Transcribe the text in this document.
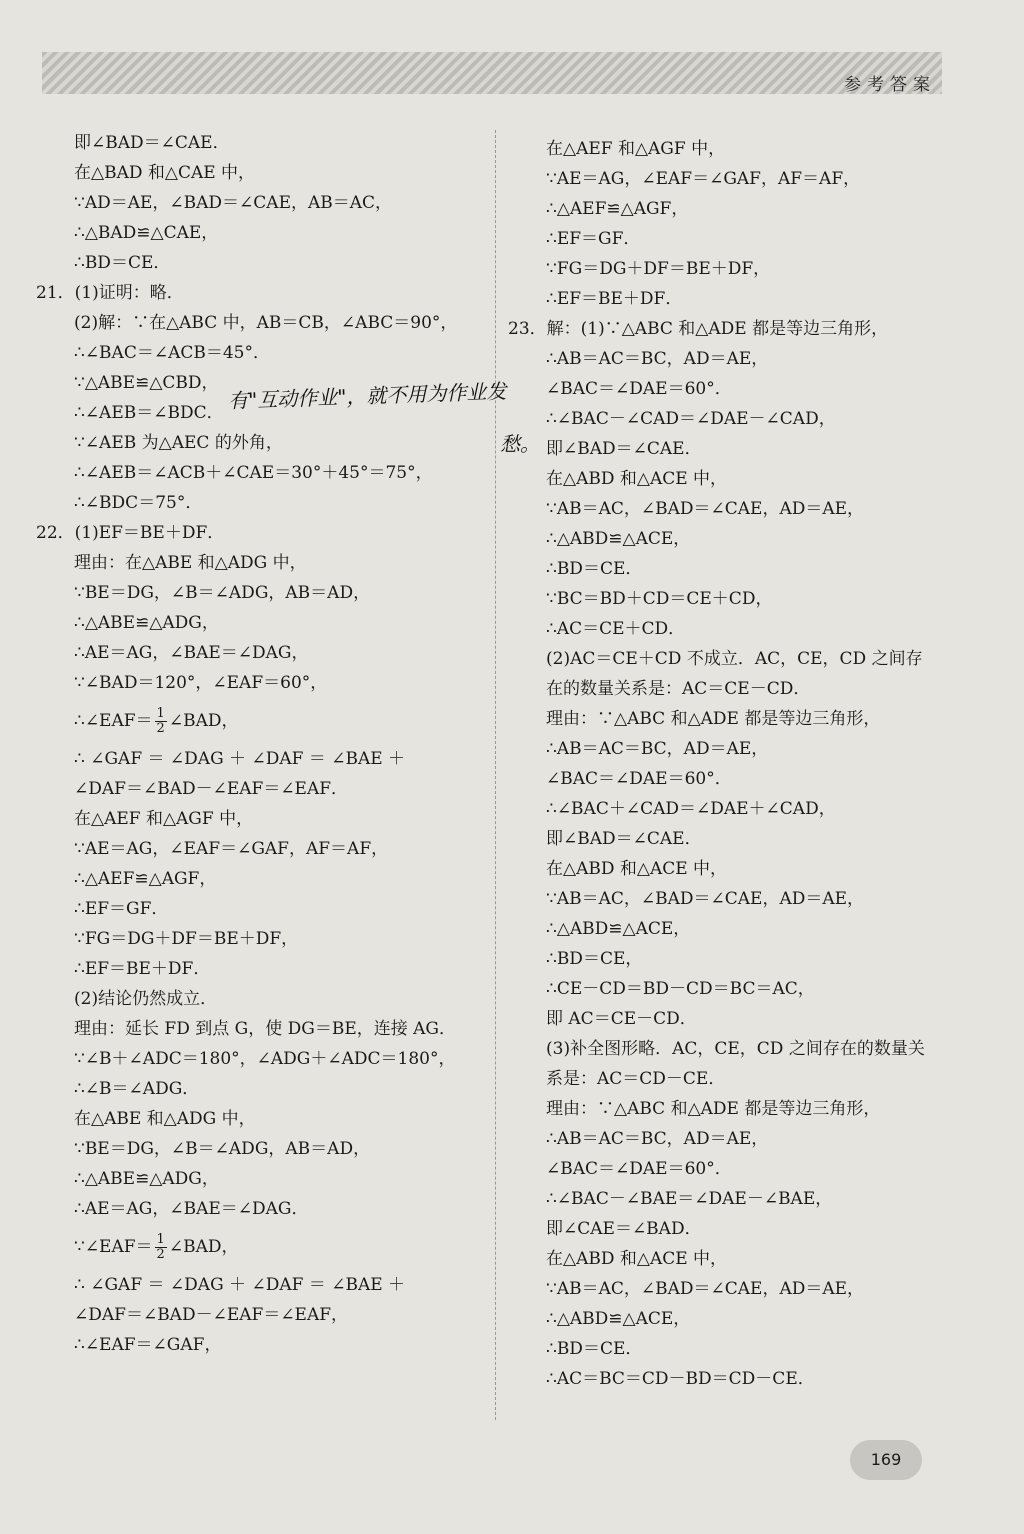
参考答案
即∠BAD＝∠CAE．
在△BAD 和△CAE 中，
∵AD＝AE，∠BAD＝∠CAE，AB＝AC，
∴△BAD≌△CAE，
∴BD＝CE．
21．(1)证明：略．
(2)解：∵在△ABC 中，AB＝CB，∠ABC＝90°，
∴∠BAC＝∠ACB＝45°．
∵△ABE≌△CBD，
∴∠AEB＝∠BDC．
∵∠AEB 为△AEC 的外角，
∴∠AEB＝∠ACB＋∠CAE＝30°＋45°＝75°，
∴∠BDC＝75°．
22．(1)EF＝BE＋DF．
理由：在△ABE 和△ADG 中，
∵BE＝DG，∠B＝∠ADG，AB＝AD，
∴△ABE≌△ADG，
∴AE＝AG，∠BAE＝∠DAG，
∵∠BAD＝120°，∠EAF＝60°，
∴∠EAF＝ $\frac{1}{2}$ ∠BAD，
∴ ∠GAF ＝ ∠DAG ＋ ∠DAF ＝ ∠BAE ＋
∠DAF＝∠BAD－∠EAF＝∠EAF．
在△AEF 和△AGF 中，
∵AE＝AG，∠EAF＝∠GAF，AF＝AF，
∴△AEF≌△AGF，
∴EF＝GF．
∵FG＝DG＋DF＝BE＋DF，
∴EF＝BE＋DF．
(2)结论仍然成立．
理由：延长 FD 到点 G，使 DG＝BE，连接 AG．
∵∠B＋∠ADC＝180°，∠ADG＋∠ADC＝180°，
∴∠B＝∠ADG．
在△ABE 和△ADG 中，
∵BE＝DG，∠B＝∠ADG，AB＝AD，
∴△ABE≌△ADG，
∴AE＝AG，∠BAE＝∠DAG．
∵∠EAF＝ $\frac{1}{2}$ ∠BAD，
∴ ∠GAF ＝ ∠DAG ＋ ∠DAF ＝ ∠BAE ＋
∠DAF＝∠BAD－∠EAF＝∠EAF，
∴∠EAF＝∠GAF，
在△AEF 和△AGF 中，
∵AE＝AG，∠EAF＝∠GAF，AF＝AF，
∴△AEF≌△AGF，
∴EF＝GF．
∵FG＝DG＋DF＝BE＋DF，
∴EF＝BE＋DF．
23．解：(1)∵△ABC 和△ADE 都是等边三角形，
∴AB＝AC＝BC，AD＝AE，
∠BAC＝∠DAE＝60°．
∴∠BAC－∠CAD＝∠DAE－∠CAD，
即∠BAD＝∠CAE．
在△ABD 和△ACE 中，
∵AB＝AC，∠BAD＝∠CAE，AD＝AE，
∴△ABD≌△ACE，
∴BD＝CE．
∵BC＝BD＋CD＝CE＋CD，
∴AC＝CE＋CD．
(2)AC＝CE＋CD 不成立．AC，CE，CD 之间存
在的数量关系是：AC＝CE－CD．
理由：∵△ABC 和△ADE 都是等边三角形，
∴AB＝AC＝BC，AD＝AE，
∠BAC＝∠DAE＝60°．
∴∠BAC＋∠CAD＝∠DAE＋∠CAD，
即∠BAD＝∠CAE．
在△ABD 和△ACE 中，
∵AB＝AC，∠BAD＝∠CAE，AD＝AE，
∴△ABD≌△ACE，
∴BD＝CE，
∴CE－CD＝BD－CD＝BC＝AC，
即 AC＝CE－CD．
(3)补全图形略．AC，CE，CD 之间存在的数量关
系是：AC＝CD－CE．
理由：∵△ABC 和△ADE 都是等边三角形，
∴AB＝AC＝BC，AD＝AE，
∠BAC＝∠DAE＝60°．
∴∠BAC－∠BAE＝∠DAE－∠BAE，
即∠CAE＝∠BAD．
在△ABD 和△ACE 中，
∵AB＝AC，∠BAD＝∠CAE，AD＝AE，
∴△ABD≌△ACE，
∴BD＝CE．
∴AC＝BC＝CD－BD＝CD－CE．
有"互动作业"，就不用为作业发
愁。
169
